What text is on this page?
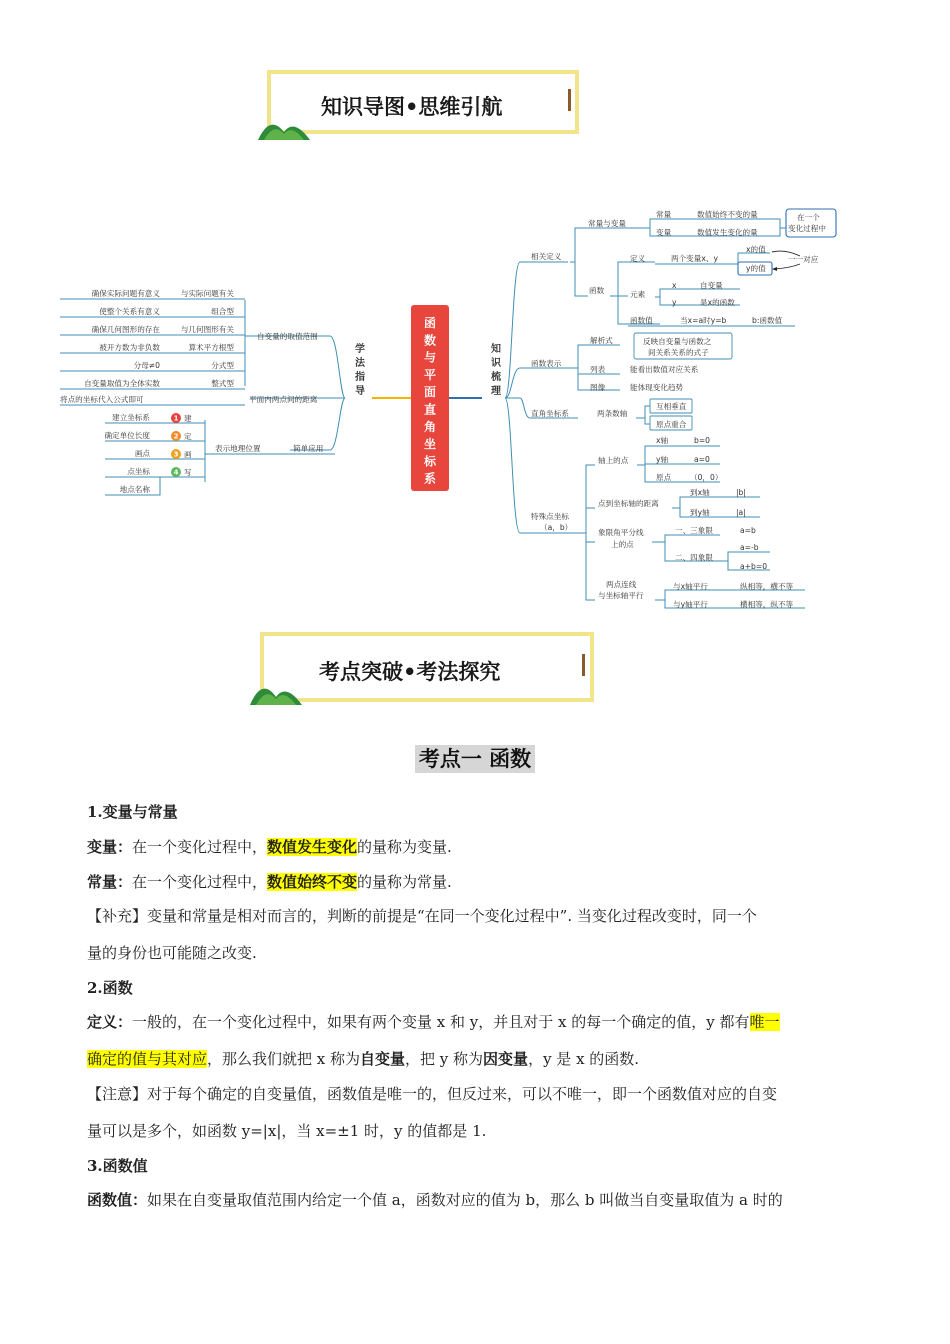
知识导图•思维引航
函
数
与
平
面
直
角
坐
标
系
学
法
指
导
知
识
梳
理
自变量的取值范围
平面内两点间的距离
将点的坐标代入公式即可
简单应用
表示地理位置
确保实际问题有意义	与实际问题有关
使整个关系有意义	组合型
确保几何图形的存在	与几何图形有关
被开方数为非负数	算术平方根型
分母≠0	分式型
自变量取值为全体实数	整式型
建立坐标系	1 建
确定单位长度	2 定
画点	3 画
点坐标	4 写
地点名称
相关定义
函数表示
直角坐标系
特殊点坐标
（a，b）
常量与变量
常量	数值始终不变的量
变量	数值发生变化的量
在一个
变化过程中
函数
定义	两个变量x、y
x的值
y的值
一一对应
元素
x	自变量
y	是x的函数
函数值	当x=a时y=b	b:函数值
解析式	反映自变量与函数之
间关系关系的式子
列表	能看出数值对应关系
图像	能体现变化趋势
两条数轴
互相垂直
原点重合
轴上的点
x轴	b=0
y轴	a=0
原点 （0，0）
点到坐标轴的距离
到x轴	|b|
到y轴	|a|
象限角平分线
上的点
一、三象限	a=b
二、四象限
a=-b
a+b=0
两点连线
与坐标轴平行
与x轴平行	纵相等，横不等
与y轴平行	横相等，纵不等
考点突破•考法探究
考点一 函数
1.变量与常量
变量：在一个变化过程中，数值发生变化的量称为变量.
常量：在一个变化过程中，数值始终不变的量称为常量.
【补充】变量和常量是相对而言的，判断的前提是“在同一个变化过程中”. 当变化过程改变时，同一个
量的身份也可能随之改变.
2.函数
定义：一般的，在一个变化过程中，如果有两个变量 x 和 y，并且对于 x 的每一个确定的值，y 都有唯一
确定的值与其对应，那么我们就把 x 称为自变量，把 y 称为因变量，y 是 x 的函数.
【注意】对于每个确定的自变量值，函数值是唯一的，但反过来，可以不唯一，即一个函数值对应的自变
量可以是多个，如函数 y=|x|，当 x=±1 时，y 的值都是 1.
3.函数值
函数值：如果在自变量取值范围内给定一个值 a，函数对应的值为 b，那么 b 叫做当自变量取值为 a 时的
